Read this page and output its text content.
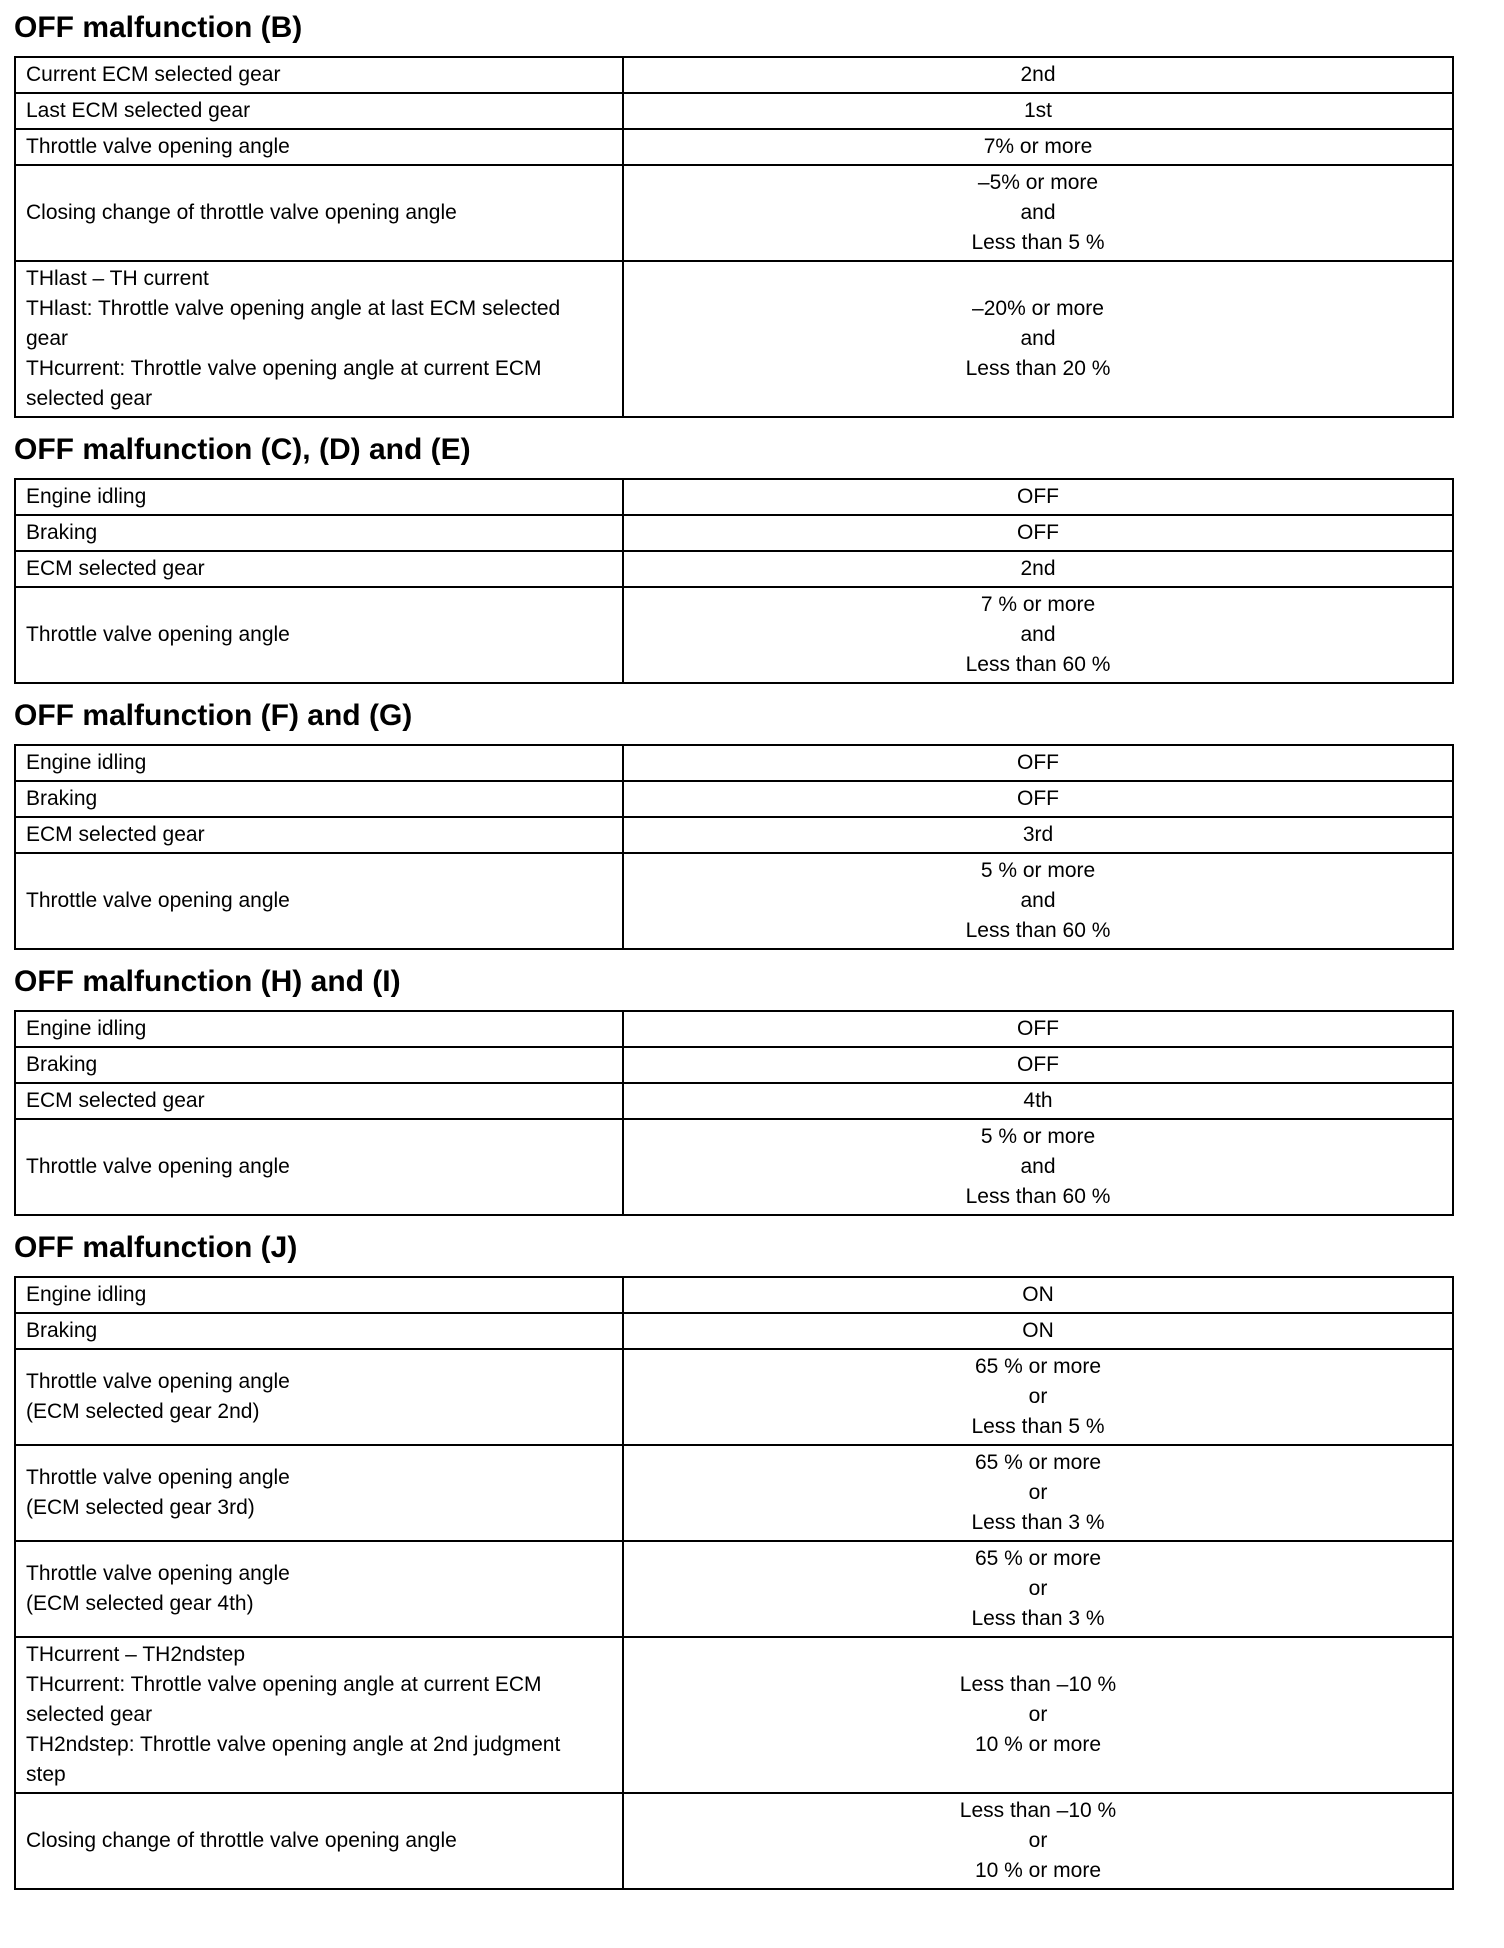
OFF malfunction (B)
Current ECM selected gear	2nd

Last ECM selected gear	1st

Throttle valve opening angle	7% or more

Closing change of throttle valve opening angle	–5% or more
and
Less than 5 %

THlast – TH current
THlast: Throttle valve opening angle at last ECM selected
gear
THcurrent: Throttle valve opening angle at current ECM
selected gear	–20% or more
and
Less than 20 %
OFF malfunction (C), (D) and (E)
Engine idling	OFF

Braking	OFF

ECM selected gear	2nd

Throttle valve opening angle	7 % or more
and
Less than 60 %
OFF malfunction (F) and (G)
Engine idling	OFF

Braking	OFF

ECM selected gear	3rd

Throttle valve opening angle	5 % or more
and
Less than 60 %
OFF malfunction (H) and (I)
Engine idling	OFF

Braking	OFF

ECM selected gear	4th

Throttle valve opening angle	5 % or more
and
Less than 60 %
OFF malfunction (J)
Engine idling	ON

Braking	ON

Throttle valve opening angle
(ECM selected gear 2nd)	65 % or more
or
Less than 5 %

Throttle valve opening angle
(ECM selected gear 3rd)	65 % or more
or
Less than 3 %

Throttle valve opening angle
(ECM selected gear 4th)	65 % or more
or
Less than 3 %

THcurrent – TH2ndstep
THcurrent: Throttle valve opening angle at current ECM
selected gear
TH2ndstep: Throttle valve opening angle at 2nd judgment
step	Less than –10 %
or
10 % or more

Closing change of throttle valve opening angle	Less than –10 %
or
10 % or more
